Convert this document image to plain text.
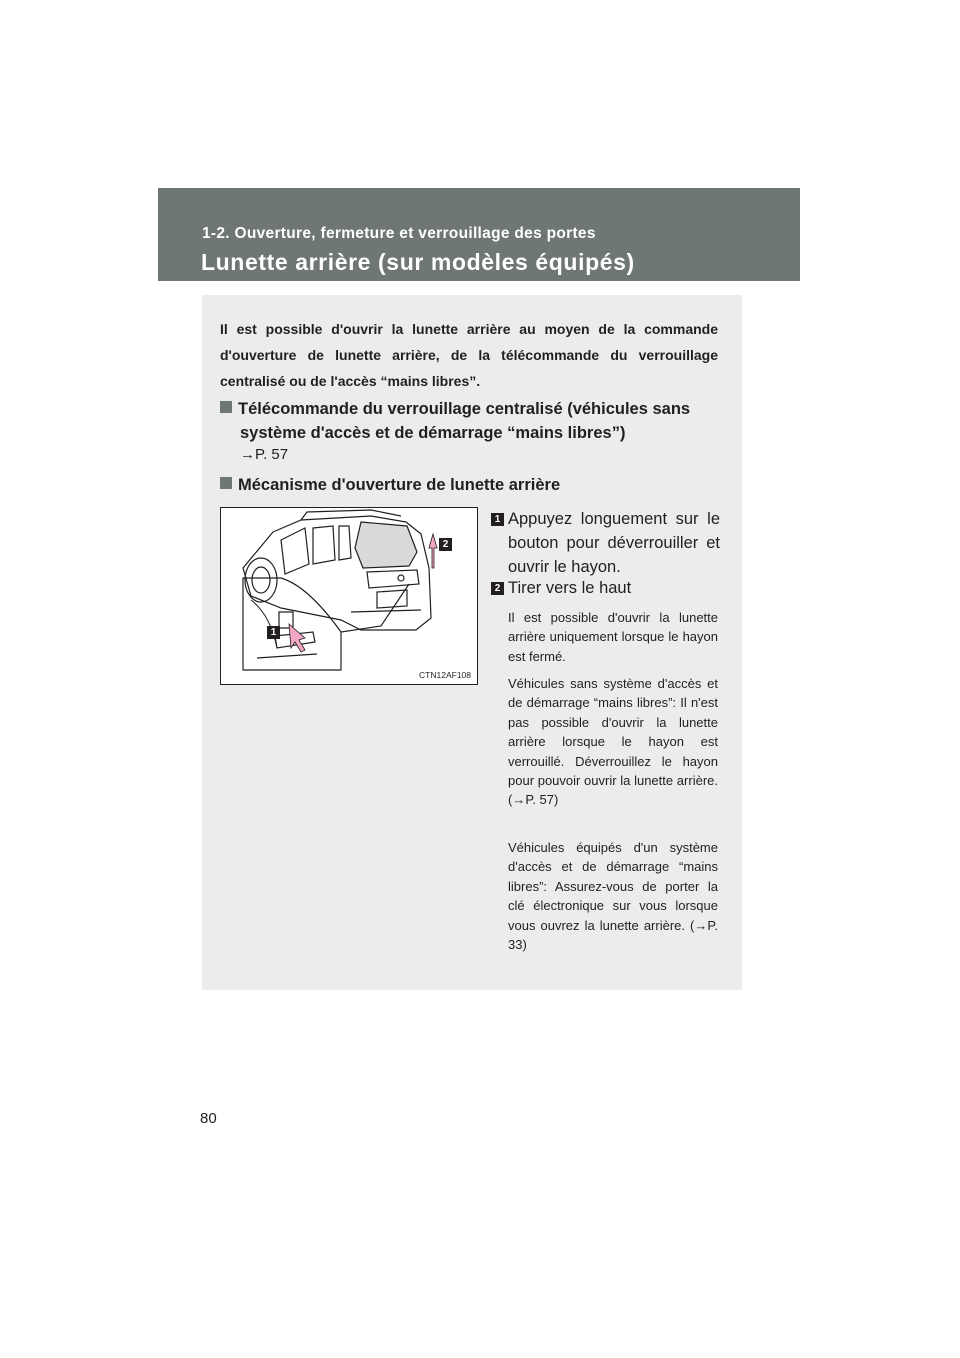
1-2. Ouverture, fermeture et verrouillage des portes
Lunette arrière (sur modèles équipés)
Il est possible d'ouvrir la lunette arrière au moyen de la commande d'ouverture de lunette arrière, de la télécommande du verrouillage centralisé ou de l'accès “mains libres”.
Télécommande du verrouillage centralisé (véhicules sans
système d'accès et de démarrage “mains libres”)
→P. 57
Mécanisme d'ouverture de lunette arrière
1
2
CTN12AF108
1 Appuyez longuement sur le bouton pour déverrouiller et ouvrir le hayon.
2 Tirer vers le haut
Il est possible d'ouvrir la lunette arrière uniquement lorsque le hayon est fermé.
Véhicules sans système d'accès et de démarrage “mains libres”: Il n'est pas possible d'ouvrir la lunette arrière lorsque le hayon est verrouillé. Déverrouillez le hayon pour pouvoir ouvrir la lunette arrière. (→P. 57)
Véhicules équipés d'un système d'accès et de démarrage “mains libres”: Assurez-vous de porter la clé électronique sur vous lorsque vous ouvrez la lunette arrière. (→P. 33)
80
